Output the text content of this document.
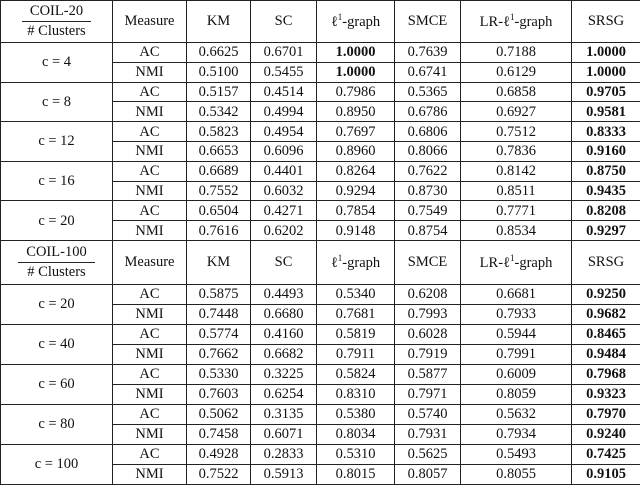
COIL-20
# Clusters	Measure	KM	SC	ℓ$^1$-graph	SMCE	LR-ℓ$^1$-graph	SRSG
c = 4	AC	0.6625	0.6701	1.0000	0.7639	0.7188	1.0000
	NMI	0.5100	0.5455	1.0000	0.6741	0.6129	1.0000
c = 8	AC	0.5157	0.4514	0.7986	0.5365	0.6858	0.9705
	NMI	0.5342	0.4994	0.8950	0.6786	0.6927	0.9581
c = 12	AC	0.5823	0.4954	0.7697	0.6806	0.7512	0.8333
	NMI	0.6653	0.6096	0.8960	0.8066	0.7836	0.9160
c = 16	AC	0.6689	0.4401	0.8264	0.7622	0.8142	0.8750
	NMI	0.7552	0.6032	0.9294	0.8730	0.8511	0.9435
c = 20	AC	0.6504	0.4271	0.7854	0.7549	0.7771	0.8208
	NMI	0.7616	0.6202	0.9148	0.8754	0.8534	0.9297
COIL-100
# Clusters	Measure	KM	SC	ℓ$^1$-graph	SMCE	LR-ℓ$^1$-graph	SRSG
c = 20	AC	0.5875	0.4493	0.5340	0.6208	0.6681	0.9250
	NMI	0.7448	0.6680	0.7681	0.7993	0.7933	0.9682
c = 40	AC	0.5774	0.4160	0.5819	0.6028	0.5944	0.8465
	NMI	0.7662	0.6682	0.7911	0.7919	0.7991	0.9484
c = 60	AC	0.5330	0.3225	0.5824	0.5877	0.6009	0.7968
	NMI	0.7603	0.6254	0.8310	0.7971	0.8059	0.9323
c = 80	AC	0.5062	0.3135	0.5380	0.5740	0.5632	0.7970
	NMI	0.7458	0.6071	0.8034	0.7931	0.7934	0.9240
c = 100	AC	0.4928	0.2833	0.5310	0.5625	0.5493	0.7425
	NMI	0.7522	0.5913	0.8015	0.8057	0.8055	0.9105
